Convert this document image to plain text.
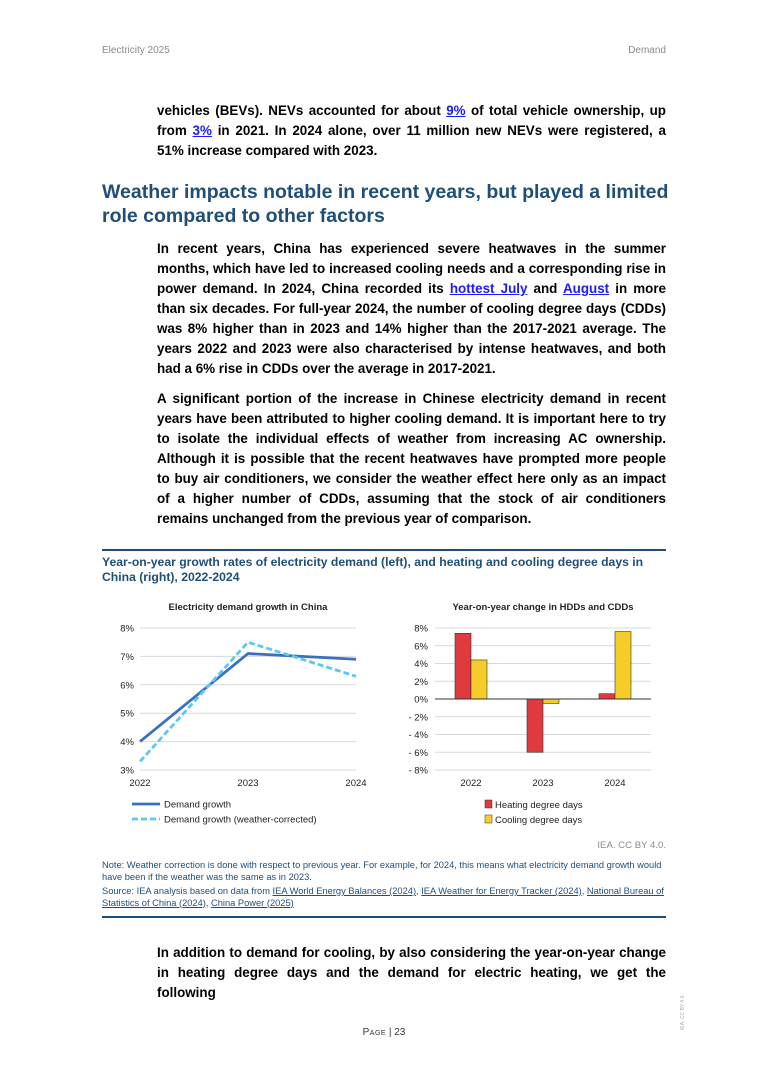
Electricity 2025	Demand

vehicles (BEVs). NEVs accounted for about 9% of total vehicle ownership, up from 3% in 2021. In 2024 alone, over 11 million new NEVs were registered, a 51% increase compared with 2023.

Weather impacts notable in recent years, but played a limited role compared to other factors

In recent years, China has experienced severe heatwaves in the summer months, which have led to increased cooling needs and a corresponding rise in power demand. In 2024, China recorded its hottest July and August in more than six decades. For full-year 2024, the number of cooling degree days (CDDs) was 8% higher than in 2023 and 14% higher than the 2017-2021 average. The years 2022 and 2023 were also characterised by intense heatwaves, and both had a 6% rise in CDDs over the average in 2017-2021.

A significant portion of the increase in Chinese electricity demand in recent years have been attributed to higher cooling demand. It is important here to try to isolate the individual effects of weather from increasing AC ownership. Although it is possible that the recent heatwaves have prompted more people to buy air conditioners, we consider the weather effect here only as an impact of a higher number of CDDs, assuming that the stock of air conditioners remains unchanged from the previous year of comparison.

Year-on-year growth rates of electricity demand (left), and heating and cooling degree days in China (right), 2022-2024

Electricity demand growth in China
3%
4%
5%
6%
7%
8%
2022	2023	2024
Demand growth
Demand growth (weather-corrected)
Year-on-year change in HDDs and CDDs
- 8%
- 6%
- 4%
- 2%
0%
2%
4%
6%
8%
2022	2023	2024
Heating degree days
Cooling degree days
IEA. CC BY 4.0.

Note: Weather correction is done with respect to previous year. For example, for 2024, this means what electricity demand growth would have been if the weather was the same as in 2023.

Source: IEA analysis based on data from IEA World Energy Balances (2024), IEA Weather for Energy Tracker (2024), National Bureau of Statistics of China (2024), China Power (2025)

In addition to demand for cooling, by also considering the year-on-year change in heating degree days and the demand for electric heating, we get the following

Page | 23
IEA. CC BY 4.0.
